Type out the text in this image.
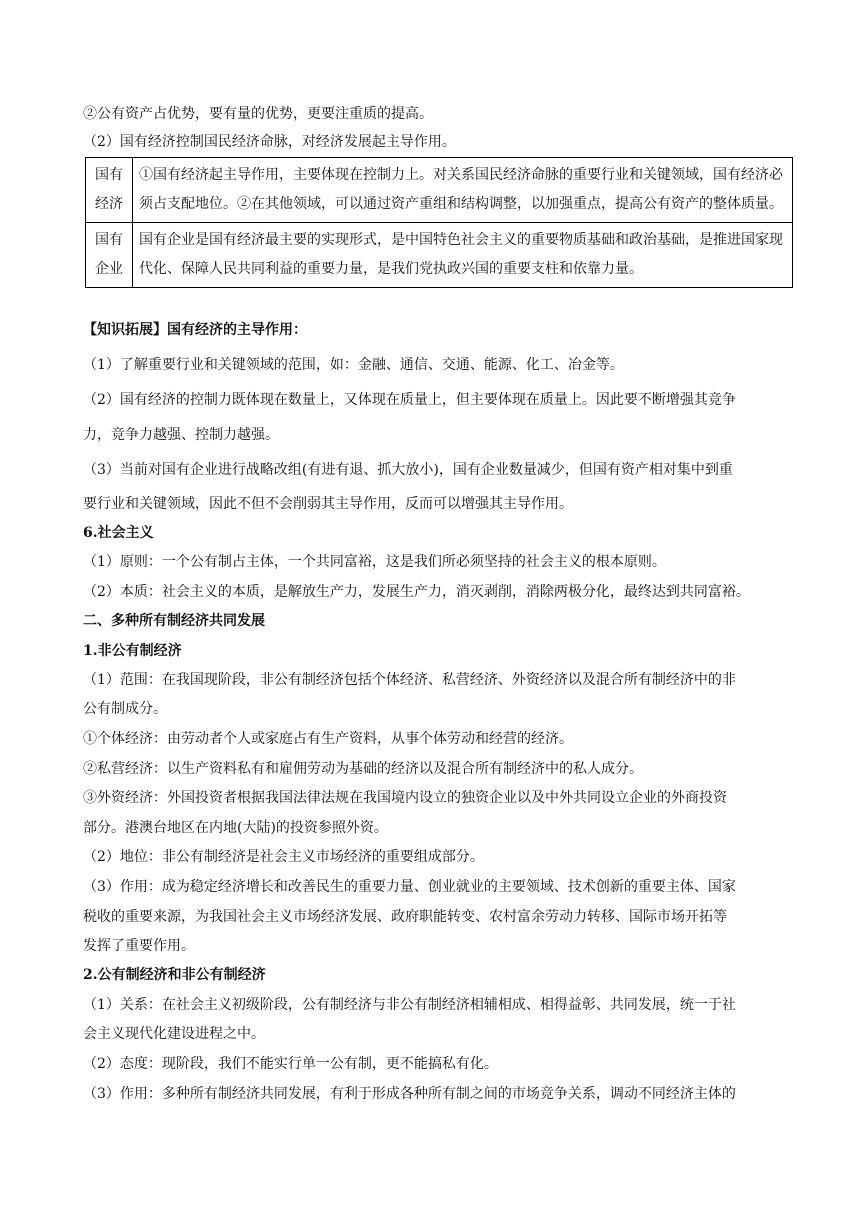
②公有资产占优势，要有量的优势，更要注重质的提高。
（2）国有经济控制国民经济命脉，对经济发展起主导作用。
国有
经济	①国有经济起主导作用，主要体现在控制力上。对关系国民经济命脉的重要行业和关键领域，国有经济必须占支配地位。②在其他领域，可以通过资产重组和结构调整，以加强重点，提高公有资产的整体质量。

国有
企业	国有企业是国有经济最主要的实现形式，是中国特色社会主义的重要物质基础和政治基础，是推进国家现代化、保障人民共同利益的重要力量，是我们党执政兴国的重要支柱和依靠力量。
【知识拓展】国有经济的主导作用：
（1）了解重要行业和关键领域的范围，如：金融、通信、交通、能源、化工、冶金等。
（2）国有经济的控制力既体现在数量上，又体现在质量上，但主要体现在质量上。因此要不断增强其竞争
力，竞争力越强、控制力越强。
（3）当前对国有企业进行战略改组(有进有退、抓大放小)，国有企业数量减少，但国有资产相对集中到重
要行业和关键领域，因此不但不会削弱其主导作用，反而可以增强其主导作用。
6.社会主义
（1）原则：一个公有制占主体，一个共同富裕，这是我们所必须坚持的社会主义的根本原则。
（2）本质：社会主义的本质，是解放生产力，发展生产力，消灭剥削，消除两极分化，最终达到共同富裕。
二、多种所有制经济共同发展
1.非公有制经济
（1）范围：在我国现阶段，非公有制经济包括个体经济、私营经济、外资经济以及混合所有制经济中的非
公有制成分。
①个体经济：由劳动者个人或家庭占有生产资料，从事个体劳动和经营的经济。
②私营经济：以生产资料私有和雇佣劳动为基础的经济以及混合所有制经济中的私人成分。
③外资经济：外国投资者根据我国法律法规在我国境内设立的独资企业以及中外共同设立企业的外商投资
部分。港澳台地区在内地(大陆)的投资参照外资。
（2）地位：非公有制经济是社会主义市场经济的重要组成部分。
（3）作用：成为稳定经济增长和改善民生的重要力量、创业就业的主要领域、技术创新的重要主体、国家
税收的重要来源，为我国社会主义市场经济发展、政府职能转变、农村富余劳动力转移、国际市场开拓等
发挥了重要作用。
2.公有制经济和非公有制经济
（1）关系：在社会主义初级阶段，公有制经济与非公有制经济相辅相成、相得益彰、共同发展，统一于社
会主义现代化建设进程之中。
（2）态度：现阶段，我们不能实行单一公有制，更不能搞私有化。
（3）作用：多种所有制经济共同发展，有利于形成各种所有制之间的市场竞争关系，调动不同经济主体的
